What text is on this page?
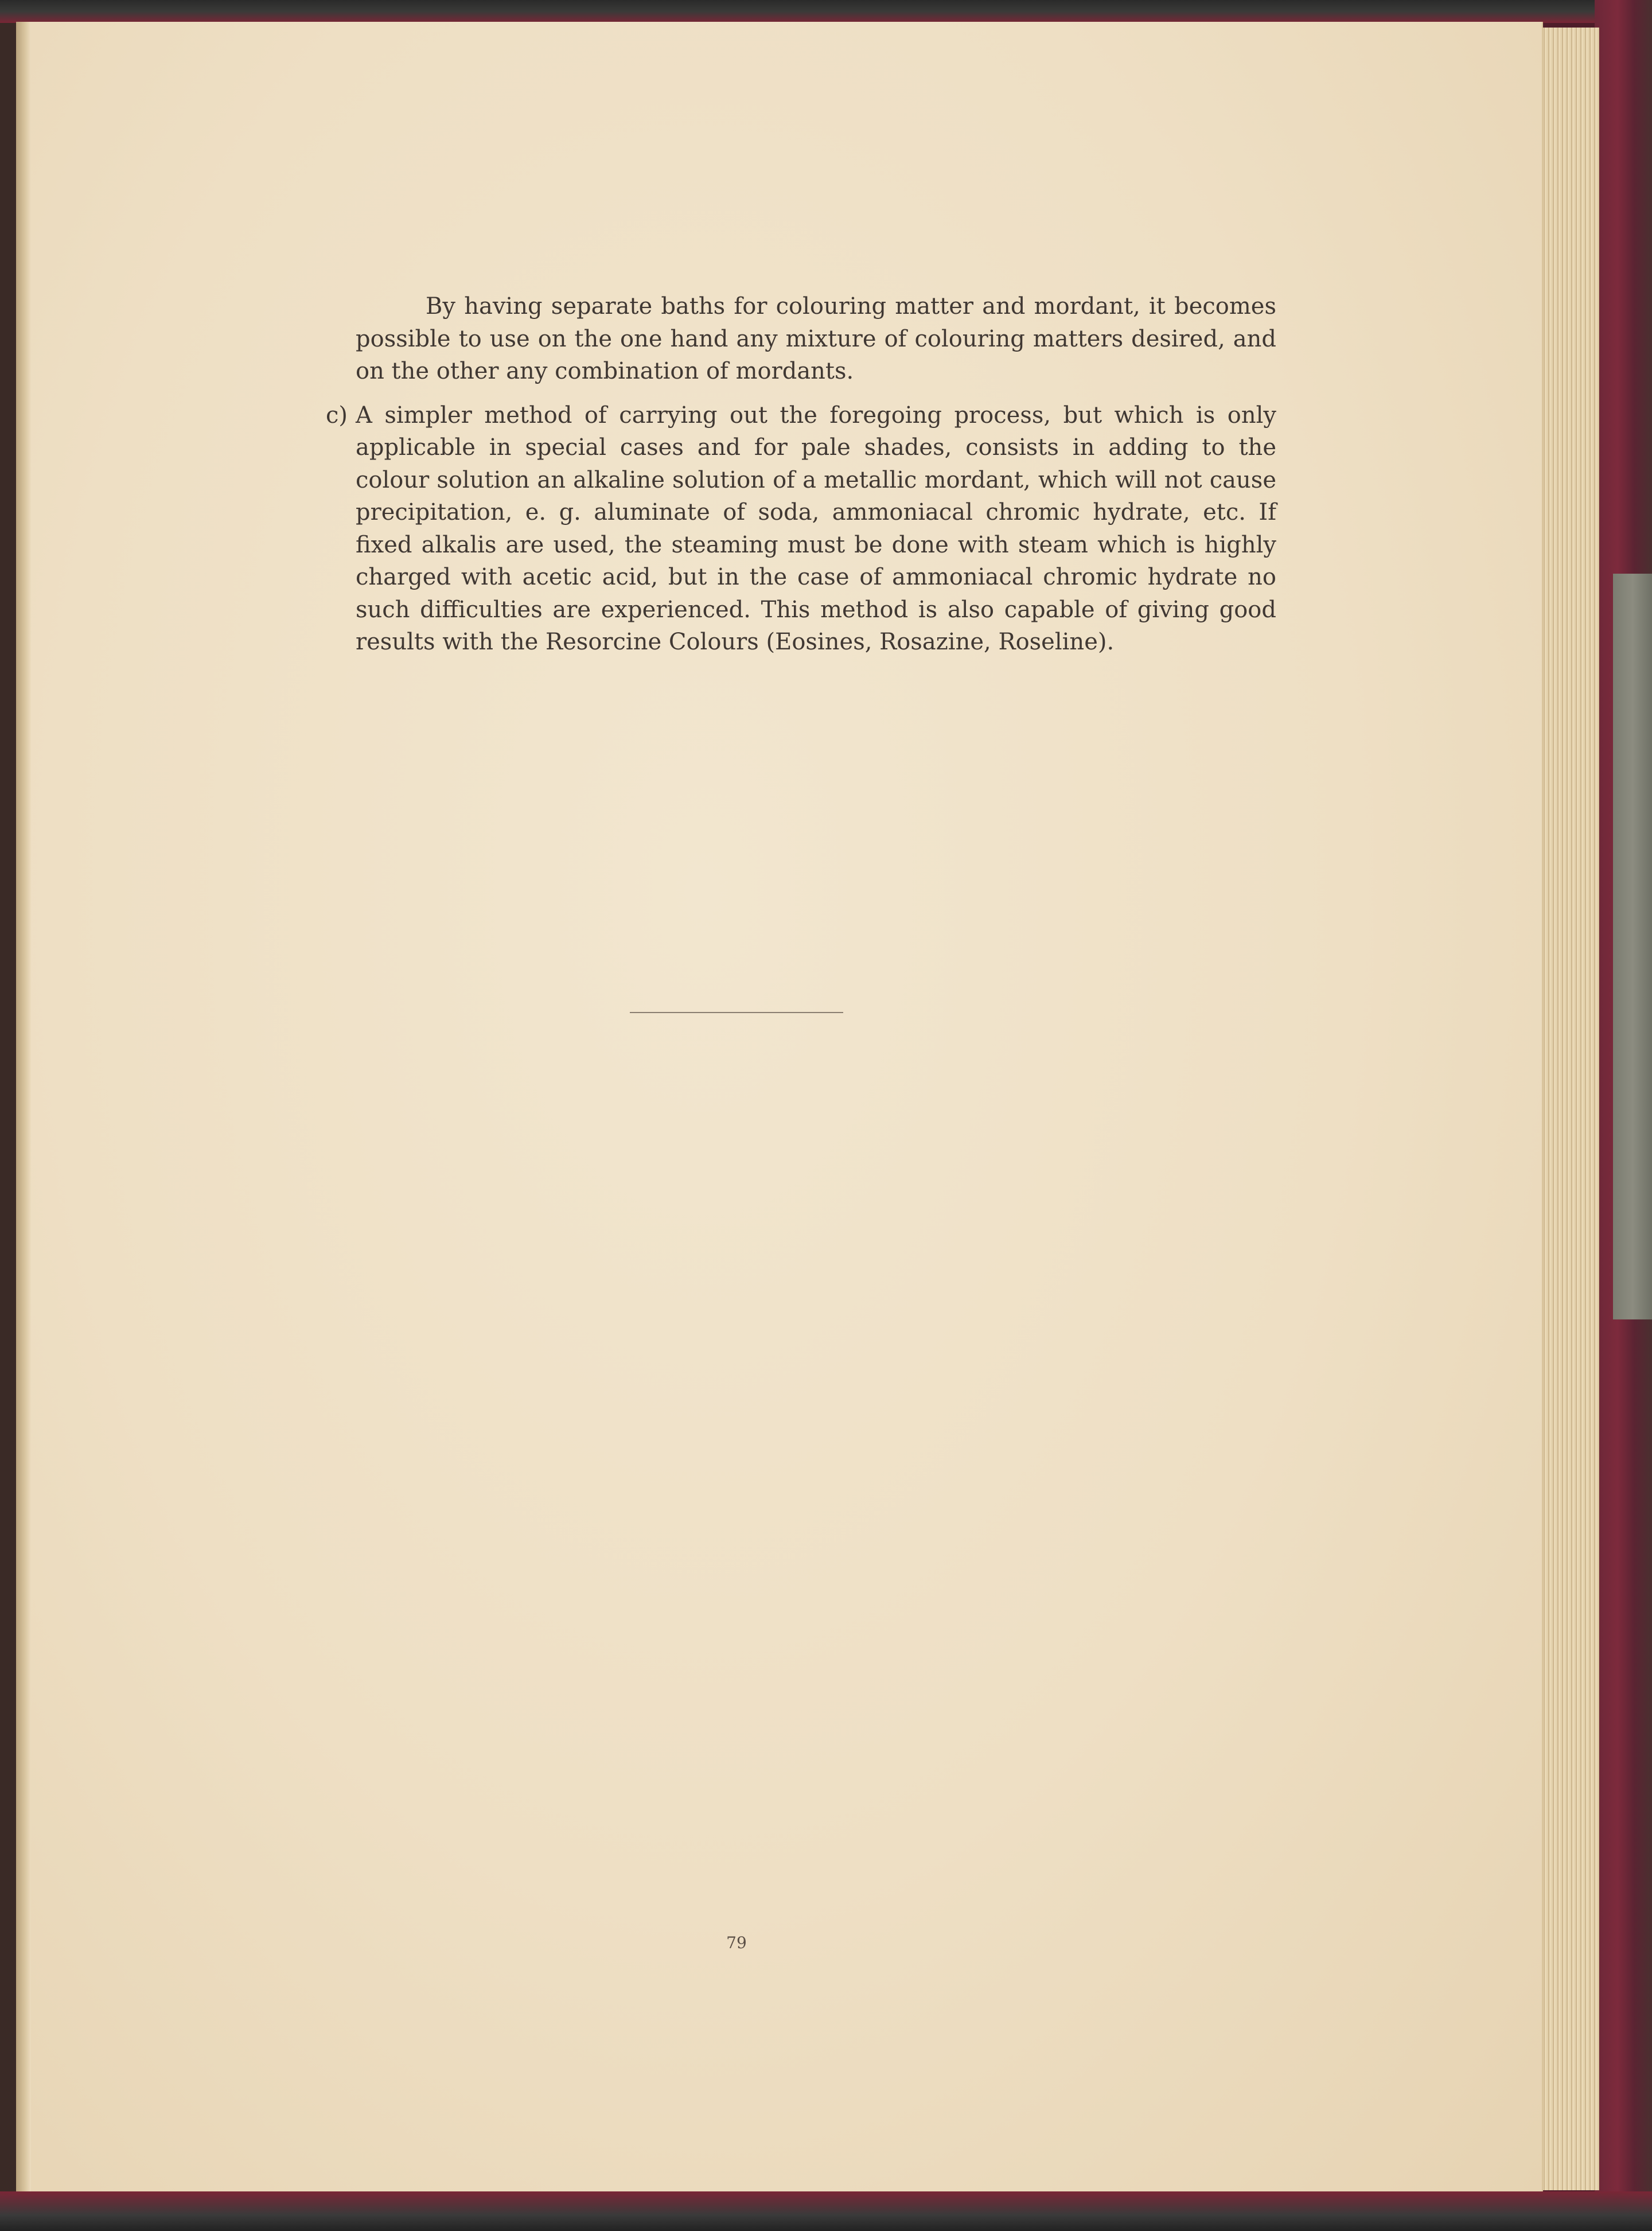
By having separate baths for colouring matter and mordant, it becomes possible to use on the one hand any mixture of colouring matters desired, and on the other any combination of mordants.

c) A simpler method of carrying out the foregoing process, but which is only applicable in special cases and for pale shades, consists in adding to the colour solution an alkaline solution of a metallic mordant, which will not cause precipitation, e. g. aluminate of soda, ammoniacal chromic hydrate, etc. If fixed alkalis are used, the steaming must be done with steam which is highly charged with acetic acid, but in the case of ammoniacal chromic hydrate no such difficulties are experienced. This method is also capable of giving good results with the Resorcine Colours (Eosines, Rosazine, Roseline).
79
